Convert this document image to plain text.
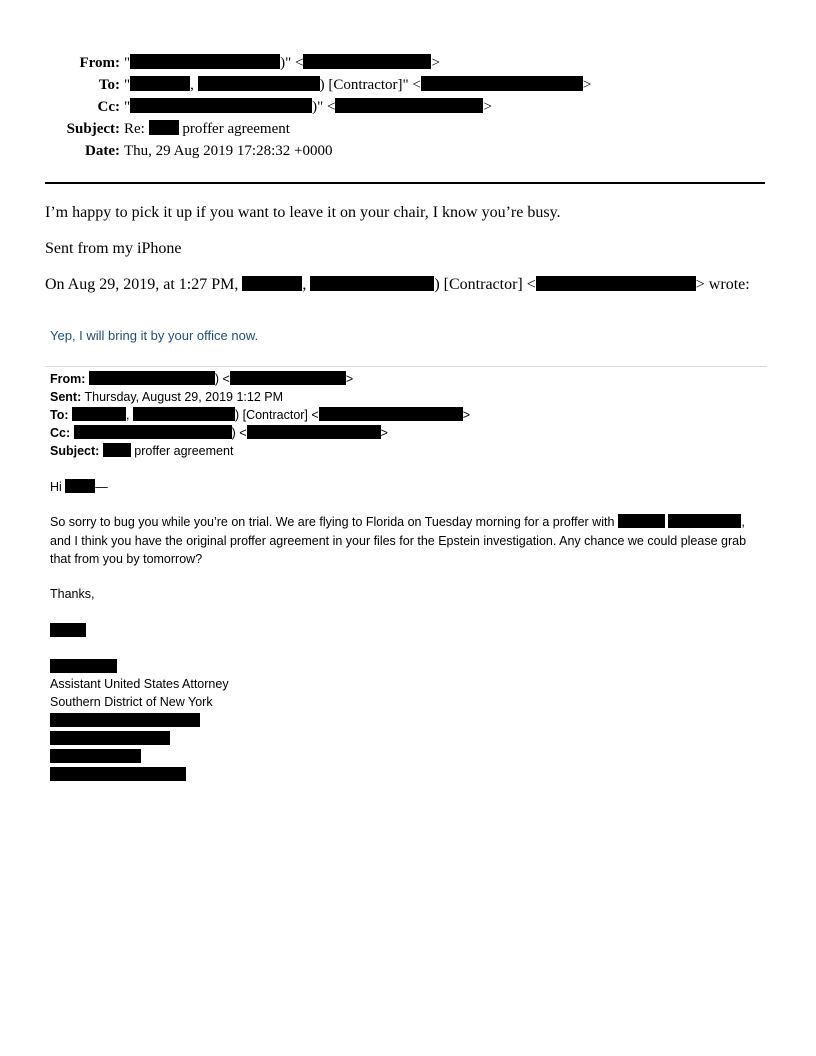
From: "	)" <	>
To: "	,	) [Contractor]" <	>
Cc: "	)" <	>
Subject: Re:	proffer agreement
Date: Thu, 29 Aug 2019 17:28:32 +0000
I’m happy to pick it up if you want to leave it on your chair, I know you’re busy.
Sent from my iPhone
On Aug 29, 2019, at 1:27 PM,	,	) [Contractor] <	> wrote:
Yep, I will bring it by your office now.
From:	) <	>
Sent: Thursday, August 29, 2019 1:12 PM
To:	,	) [Contractor] <	>
Cc:	) <	>
Subject:	proffer agreement
Hi	—
So sorry to bug you while you’re on trial. We are flying to Florida on Tuesday morning for a proffer with	, and I think you have the original proffer agreement in your files for the Epstein investigation. Any chance we could please grab that from you by tomorrow?
Thanks,
Assistant United States Attorney
Southern District of New York
